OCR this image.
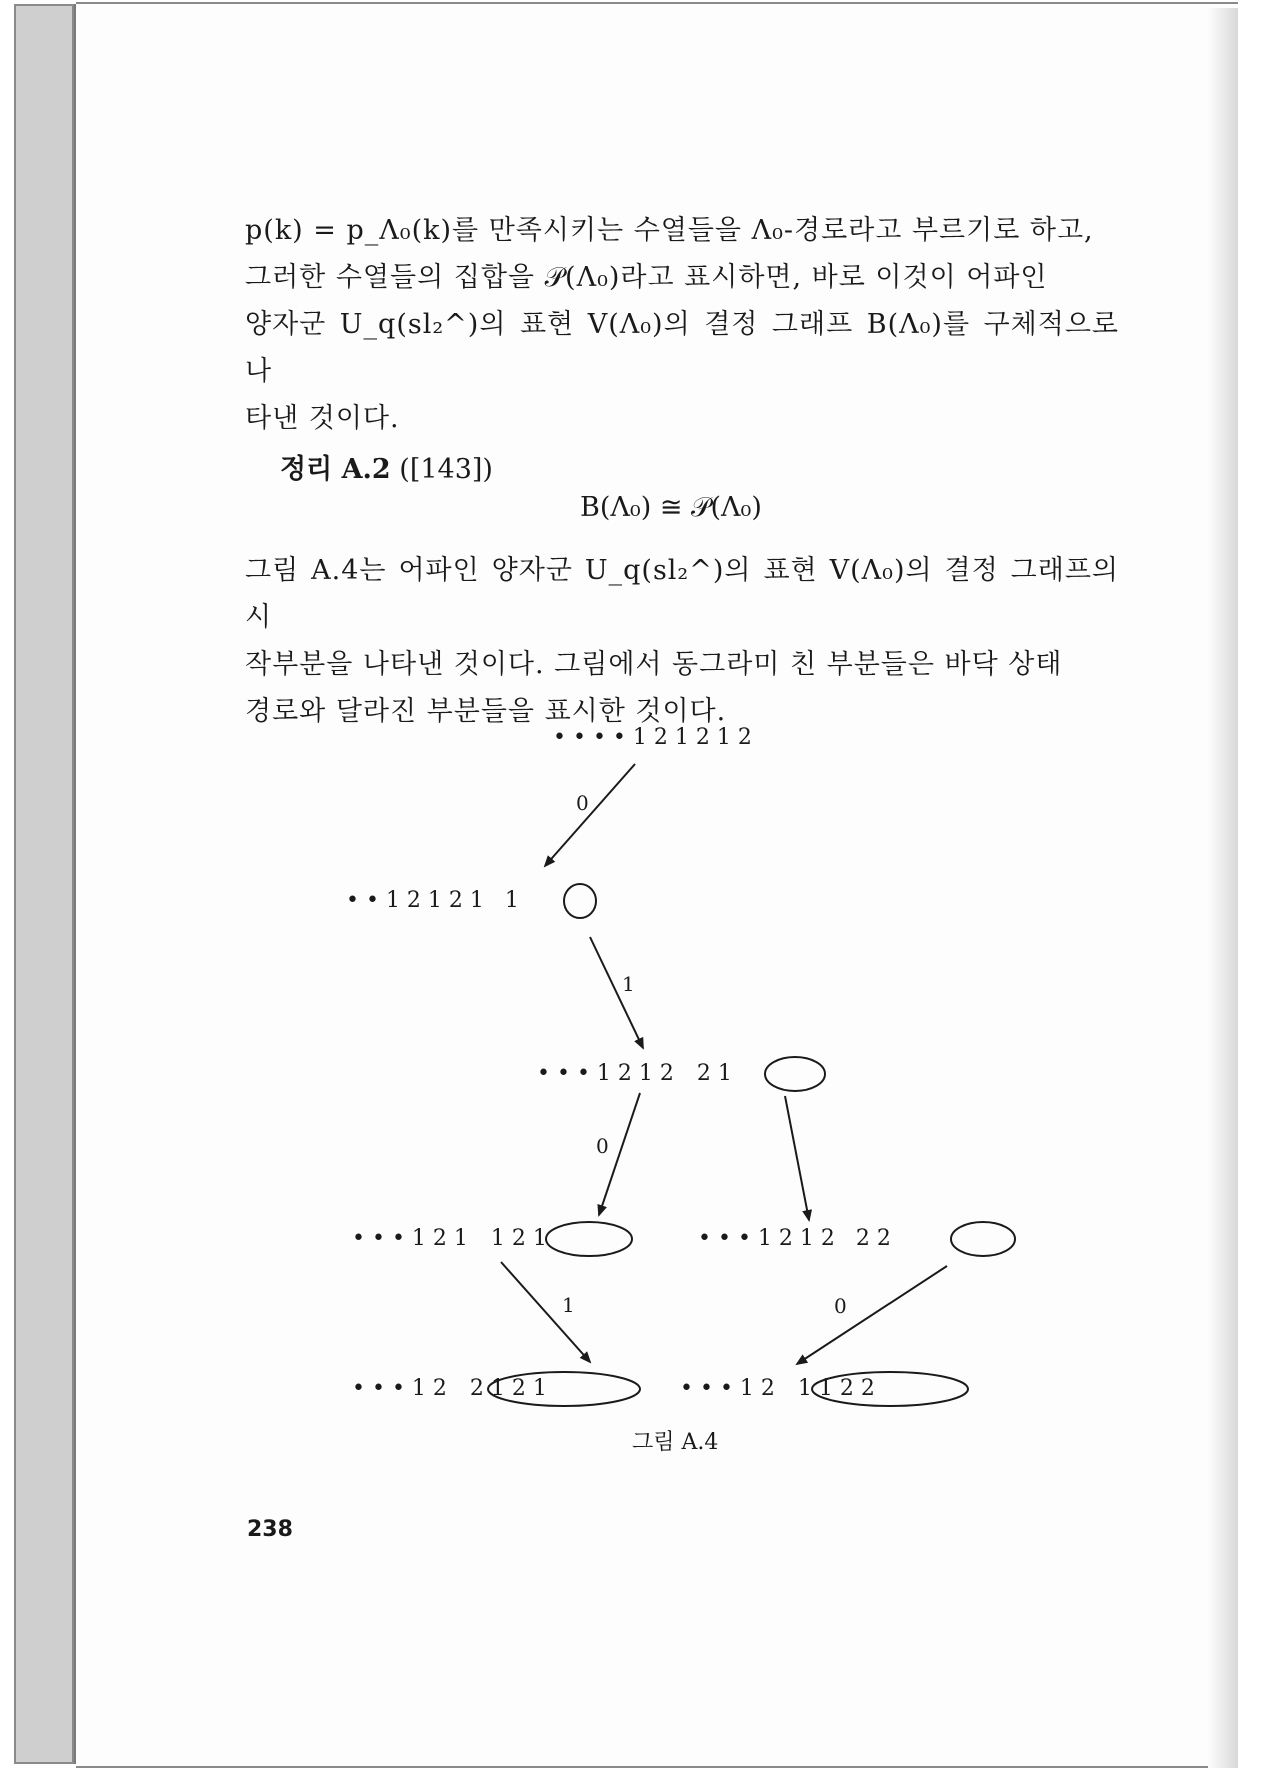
p(k) = p_Λ₀(k)를 만족시키는 수열들을 Λ₀-경로라고 부르기로 하고,
그러한 수열들의 집합을 𝒫(Λ₀)라고 표시하면, 바로 이것이 어파인
양자군 U_q(sl₂^)의 표현 V(Λ₀)의 결정 그래프 B(Λ₀)를 구체적으로 나
타낸 것이다.
정리 A.2 ([143])
B(Λ₀) ≅ 𝒫(Λ₀)
그림 A.4는 어파인 양자군 U_q(sl₂^)의 표현 V(Λ₀)의 결정 그래프의 시
작부분을 나타낸 것이다. 그림에서 동그라미 친 부분들은 바닥 상태
경로와 달라진 부분들을 표시한 것이다.
• • • • 1 2 1 2 1 2
• • 1 2 1 2 1 1
• • • 1 2 1 2 2 1
• • • 1 2 1 1 2 1	• • • 1 2 1 2 2 2
• • • 1 2 2 1 2 1	• • • 1 2 1 1 2 2
0
1
0
1	0
그림 A.4
238
